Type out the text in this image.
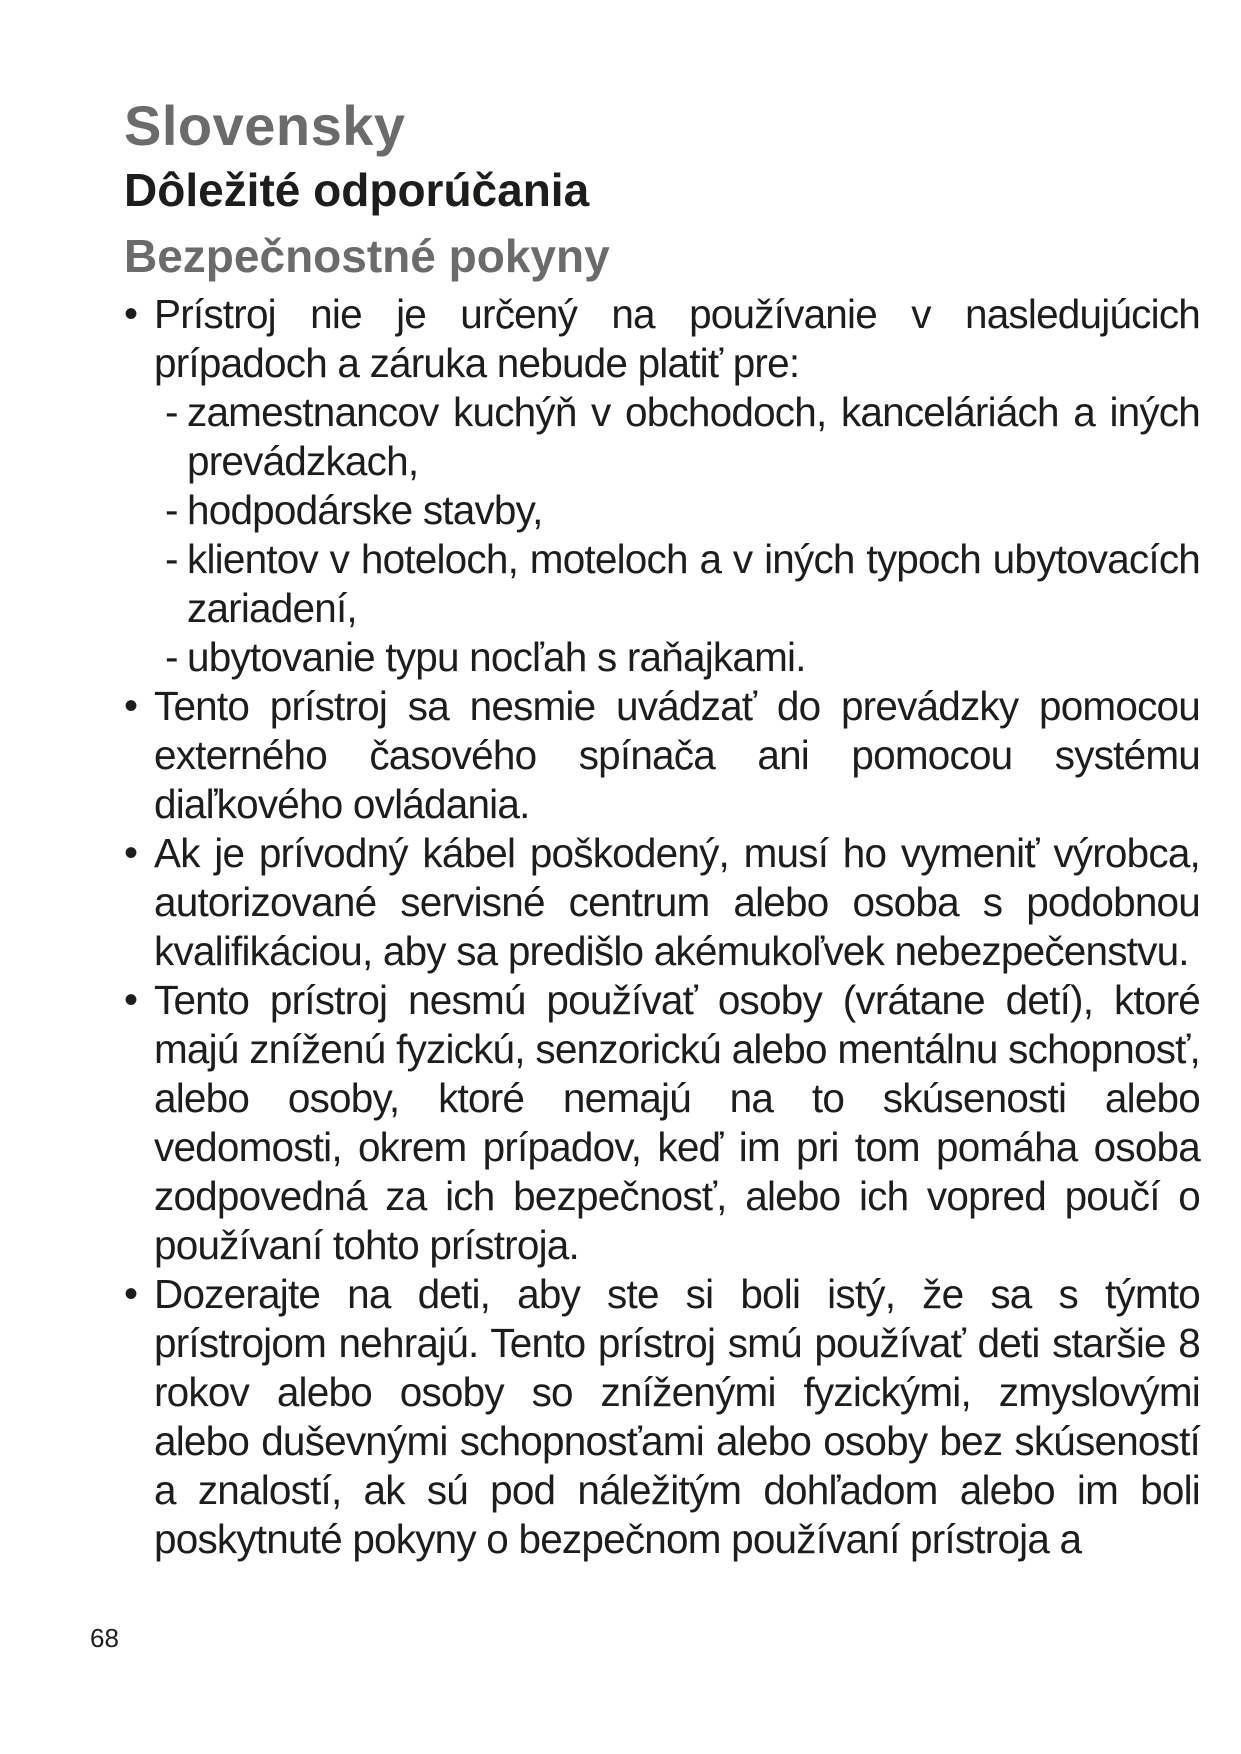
Slovensky
Dôležité odporúčania
Bezpečnostné pokyny

• Prístroj nie je určený na používanie v nasledujúcich prípadoch a záruka nebude platiť pre:

- zamestnancov kuchýň v obchodoch, kanceláriách a iných prevádzkach,

- hodpodárske stavby,

- klientov v hoteloch, moteloch a v iných typoch ubytovacích zariadení,

- ubytovanie typu nocľah s raňajkami.

• Tento prístroj sa nesmie uvádzať do prevádzky pomocou externého časového spínača ani pomocou systému diaľkového ovládania.

• Ak je prívodný kábel poškodený, musí ho vymeniť výrobca, autorizované servisné centrum alebo osoba s podobnou kvalifikáciou, aby sa predišlo akémukoľvek nebezpečenstvu.

• Tento prístroj nesmú používať osoby (vrátane detí), ktoré majú zníženú fyzickú, senzorickú alebo mentálnu schopnosť, alebo osoby, ktoré nemajú na to skúsenosti alebo vedomosti, okrem prípadov, keď im pri tom pomáha osoba zodpovedná za ich bezpečnosť, alebo ich vopred poučí o používaní tohto prístroja.

• Dozerajte na deti, aby ste si boli istý, že sa s týmto prístrojom nehrajú. Tento prístroj smú používať deti staršie 8 rokov alebo osoby so zníženými fyzickými, zmyslovými alebo duševnými schopnosťami alebo osoby bez skúseností a znalostí, ak sú pod náležitým dohľadom alebo im boli poskytnuté pokyny o bezpečnom používaní prístroja a

68
